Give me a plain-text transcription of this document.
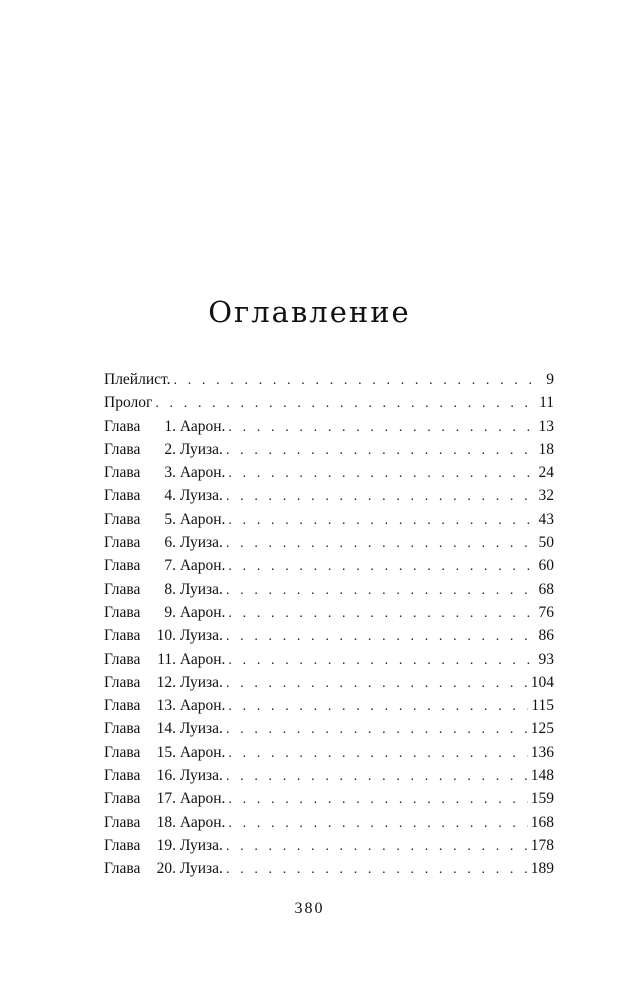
Оглавление
Плейлист. . . .	9
Пролог . . .	11
Глава 1. Аарон. . . .	13
Глава 2. Луиза. . . .	18
Глава 3. Аарон. . . .	24
Глава 4. Луиза. . . .	32
Глава 5. Аарон. . . .	43
Глава 6. Луиза. . . .	50
Глава 7. Аарон. . . .	60
Глава 8. Луиза. . . .	68
Глава 9. Аарон. . . .	76
Глава 10. Луиза. . . .	86
Глава 11. Аарон. . . .	93
Глава 12. Луиза. . . .	104
Глава 13. Аарон. . . .	115
Глава 14. Луиза. . . .	125
Глава 15. Аарон. . . .	136
Глава 16. Луиза. . . .	148
Глава 17. Аарон. . . .	159
Глава 18. Аарон. . . .	168
Глава 19. Луиза. . . .	178
Глава 20. Луиза. . . .	189

380
